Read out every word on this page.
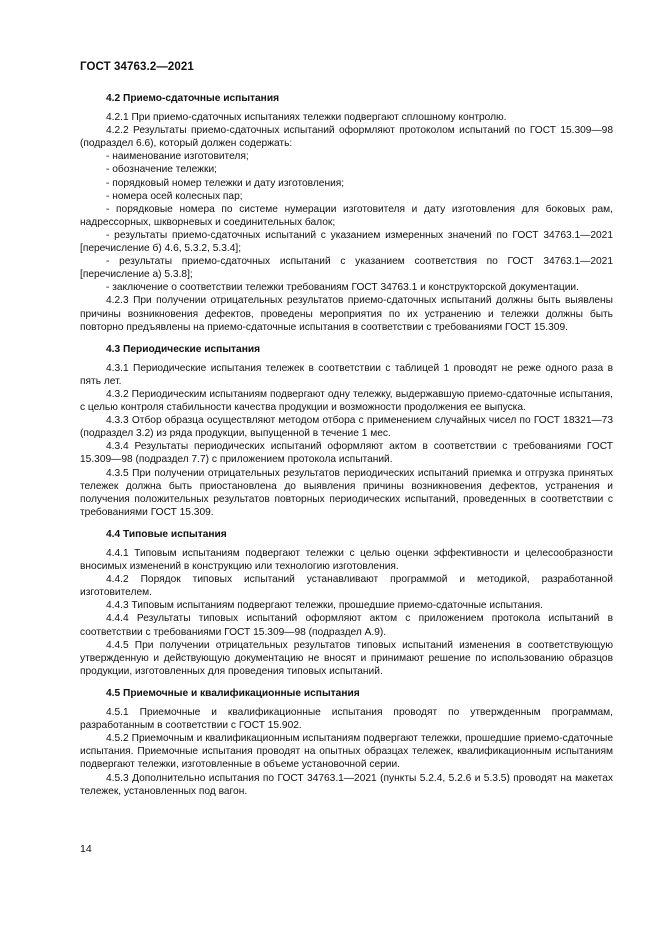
ГОСТ 34763.2—2021
4.2 Приемо-сдаточные испытания

4.2.1 При приемо-сдаточных испытаниях тележки подвергают сплошному контролю.

4.2.2 Результаты приемо-сдаточных испытаний оформляют протоколом испытаний по ГОСТ 15.309—98 (подраздел 6.6), который должен содержать:

- наименование изготовителя;

- обозначение тележки;

- порядковый номер тележки и дату изготовления;

- номера осей колесных пар;

- порядковые номера по системе нумерации изготовителя и дату изготовления для боковых рам, надрессорных, шкворневых и соединительных балок;

- результаты приемо-сдаточных испытаний с указанием измеренных значений по ГОСТ 34763.1—2021 [перечисление б) 4.6, 5.3.2, 5.3.4];

- результаты приемо-сдаточных испытаний с указанием соответствия по ГОСТ 34763.1—2021 [перечисление а) 5.3.8];

- заключение о соответствии тележки требованиям ГОСТ 34763.1 и конструкторской документации.

4.2.3 При получении отрицательных результатов приемо-сдаточных испытаний должны быть выявлены причины возникновения дефектов, проведены мероприятия по их устранению и тележки должны быть повторно предъявлены на приемо-сдаточные испытания в соответствии с требованиями ГОСТ 15.309.

4.3 Периодические испытания

4.3.1 Периодические испытания тележек в соответствии с таблицей 1 проводят не реже одного раза в пять лет.

4.3.2 Периодическим испытаниям подвергают одну тележку, выдержавшую приемо-сдаточные испытания, с целью контроля стабильности качества продукции и возможности продолжения ее выпуска.

4.3.3 Отбор образца осуществляют методом отбора с применением случайных чисел по ГОСТ 18321—73 (подраздел 3.2) из ряда продукции, выпущенной в течение 1 мес.

4.3.4 Результаты периодических испытаний оформляют актом в соответствии с требованиями ГОСТ 15.309—98 (подраздел 7.7) с приложением протокола испытаний.

4.3.5 При получении отрицательных результатов периодических испытаний приемка и отгрузка принятых тележек должна быть приостановлена до выявления причины возникновения дефектов, устранения и получения положительных результатов повторных периодических испытаний, проведенных в соответствии с требованиями ГОСТ 15.309.

4.4 Типовые испытания

4.4.1 Типовым испытаниям подвергают тележки с целью оценки эффективности и целесообразности вносимых изменений в конструкцию или технологию изготовления.

4.4.2 Порядок типовых испытаний устанавливают программой и методикой, разработанной изготовителем.

4.4.3 Типовым испытаниям подвергают тележки, прошедшие приемо-сдаточные испытания.

4.4.4 Результаты типовых испытаний оформляют актом с приложением протокола испытаний в соответствии с требованиями ГОСТ 15.309—98 (подраздел А.9).

4.4.5 При получении отрицательных результатов типовых испытаний изменения в соответствующую утвержденную и действующую документацию не вносят и принимают решение по использованию образцов продукции, изготовленных для проведения типовых испытаний.

4.5 Приемочные и квалификационные испытания

4.5.1 Приемочные и квалификационные испытания проводят по утвержденным программам, разработанным в соответствии с ГОСТ 15.902.

4.5.2 Приемочным и квалификационным испытаниям подвергают тележки, прошедшие приемо-сдаточные испытания. Приемочные испытания проводят на опытных образцах тележек, квалификационным испытаниям подвергают тележки, изготовленные в объеме установочной серии.

4.5.3 Дополнительно испытания по ГОСТ 34763.1—2021 (пункты 5.2.4, 5.2.6 и 5.3.5) проводят на макетах тележек, установленных под вагон.

14
